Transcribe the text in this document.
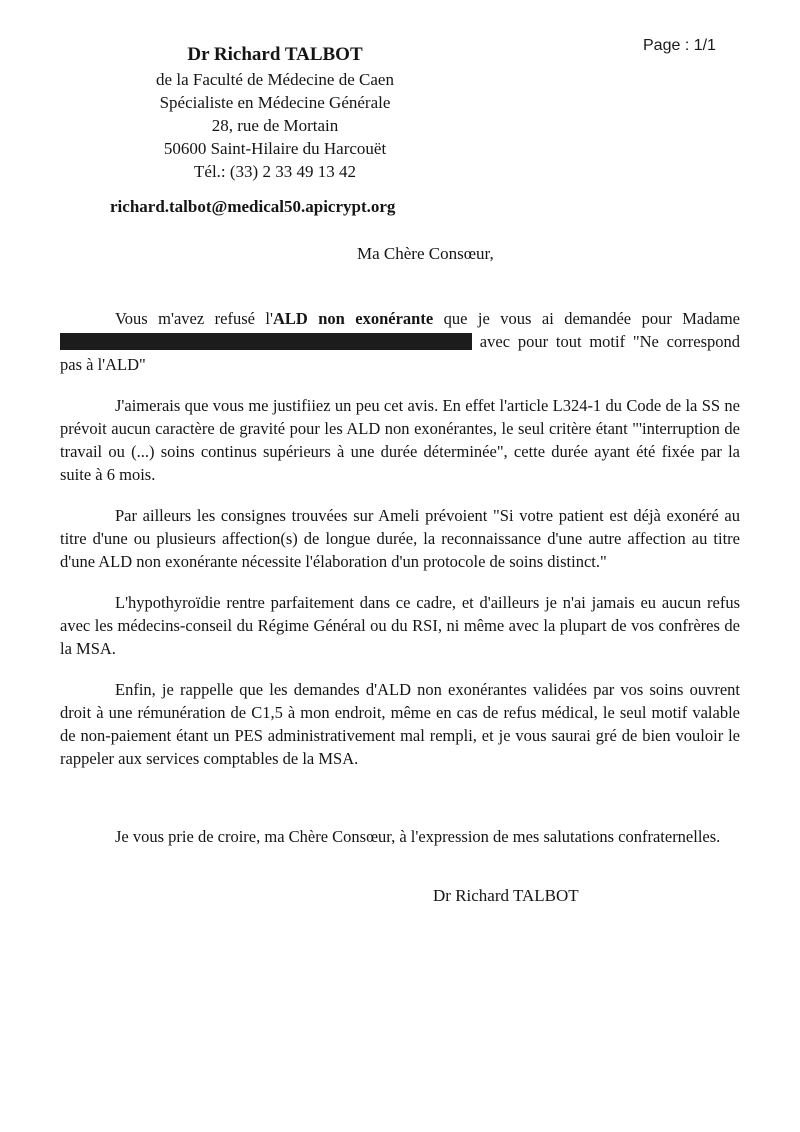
Page : 1/1
Dr Richard TALBOT
de la Faculté de Médecine de Caen
Spécialiste en Médecine Générale
28, rue de Mortain
50600 Saint-Hilaire du Harcouët
Tél.: (33) 2 33 49 13 42
richard.talbot@medical50.apicrypt.org
Ma Chère Consœur,

Vous m'avez refusé l'ALD non exonérante que je vous ai demandée pour Madame  avec pour tout motif "Ne correspond pas à l'ALD"

J'aimerais que vous me justifiiez un peu cet avis. En effet l'article L324-1 du Code de la SS ne prévoit aucun caractère de gravité pour les ALD non exonérantes, le seul critère étant "'interruption de travail ou (...) soins continus supérieurs à une durée déterminée", cette durée ayant été fixée par la suite à 6 mois.

Par ailleurs les consignes trouvées sur Ameli prévoient "Si votre patient est déjà exonéré au titre d'une ou plusieurs affection(s) de longue durée, la reconnaissance d'une autre affection au titre d'une ALD non exonérante nécessite l'élaboration d'un protocole de soins distinct."

L'hypothyroïdie rentre parfaitement dans ce cadre, et d'ailleurs je n'ai jamais eu aucun refus avec les médecins-conseil du Régime Général ou du RSI, ni même avec la plupart de vos confrères de la MSA.

Enfin, je rappelle que les demandes d'ALD non exonérantes validées par vos soins ouvrent droit à une rémunération de C1,5 à mon endroit, même en cas de refus médical, le seul motif valable de non-paiement étant un PES administrativement mal rempli, et je vous saurai gré de bien vouloir le rappeler aux services comptables de la MSA.

Je vous prie de croire, ma Chère Consœur, à l'expression de mes salutations confraternelles.

Dr Richard TALBOT
